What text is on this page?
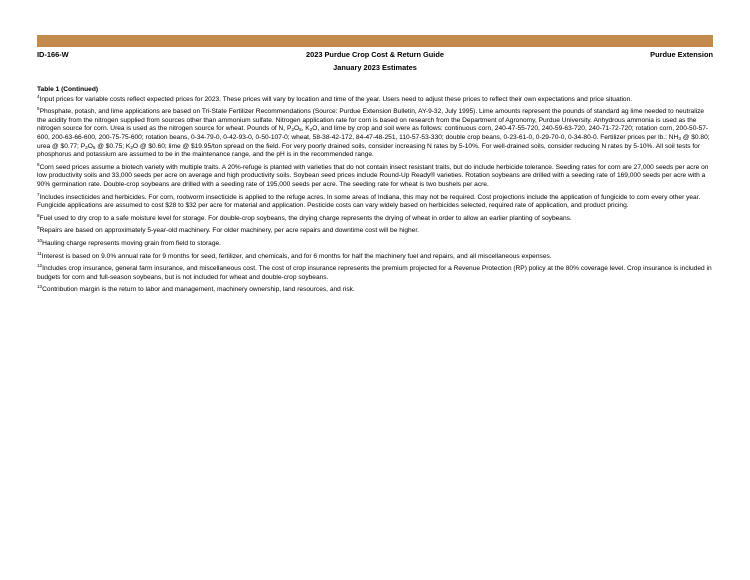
ID-166-W	2023 Purdue Crop Cost & Return Guide	Purdue Extension
January 2023 Estimates
Table 1 (Continued)
$^4$Input prices for variable costs reflect expected prices for 2023. These prices will vary by location and time of the year. Users need to adjust these prices to reflect their own expectations and price situation.
$^5$Phosphate, potash, and lime applications are based on Tri-State Fertilizer Recommendations (Source: Purdue Extension Bulletin, AY-9-32, July 1995). Lime amounts represent the pounds of standard ag lime needed to neutralize the acidity from the nitrogen supplied from sources other than ammonium sulfate. Nitrogen application rate for corn is based on research from the Department of Agronomy, Purdue University. Anhydrous ammonia is used as the nitrogen source for corn. Urea is used as the nitrogen source for wheat. Pounds of N, $P_2O_5$, $K_2O$, and lime by crop and soil were as follows: continuous corn, 240-47-55-720, 240-59-63-720, 240-71-72-720; rotation corn, 200-50-57-600, 200-63-66-600, 200-75-75-600; rotation beans, 0-34-79-0, 0-42-93-0, 0-50-107-0; wheat, 58-38-42-172, 84-47-48-251, 110-57-53-330; double crop beans, 0-23-61-0, 0-29-70-0, 0-34-80-0. Fertilizer prices per lb.: $NH_3$ @ $0.80; urea @ $0.77; $P_2O_5$ @ $0.75; $K_2O$ @ $0.60; lime @ $19.95/ton spread on the field. For very poorly drained soils, consider increasing N rates by 5-10%. For well-drained soils, consider reducing N rates by 5-10%. All soil tests for phosphorus and potassium are assumed to be in the maintenance range, and the pH is in the recommended range.
$^6$Corn seed prices assume a biotech variety with multiple traits. A 20%-refuge is planted with varieties that do not contain insect resistant traits, but do include herbicide tolerance. Seeding rates for corn are 27,000 seeds per acre on low productivity soils and 33,000 seeds per acre on average and high productivity soils. Soybean seed prices include Round-Up Ready® varieties. Rotation soybeans are drilled with a seeding rate of 169,000 seeds per acre with a 90% germination rate. Double-crop soybeans are drilled with a seeding rate of 195,000 seeds per acre. The seeding rate for wheat is two bushels per acre.
$^7$Includes insecticides and herbicides. For corn, rootworm insecticide is applied to the refuge acres. In some areas of Indiana, this may not be required. Cost projections include the application of fungicide to corn every other year. Fungicide applications are assumed to cost $28 to $32 per acre for material and application. Pesticide costs can vary widely based on herbicides selected, required rate of application, and product pricing.
$^8$Fuel used to dry crop to a safe moisture level for storage. For double-crop soybeans, the drying charge represents the drying of wheat in order to allow an earlier planting of soybeans.
$^9$Repairs are based on approximately 5-year-old machinery. For older machinery, per acre repairs and downtime cost will be higher.
$^{10}$Hauling charge represents moving grain from field to storage.
$^{11}$Interest is based on 9.0% annual rate for 9 months for seed, fertilizer, and chemicals, and for 6 months for half the machinery fuel and repairs, and all miscellaneous expenses.
$^{12}$Includes crop insurance, general farm insurance, and miscellaneous cost. The cost of crop insurance represents the premium projected for a Revenue Protection (RP) policy at the 80% coverage level. Crop insurance is included in budgets for corn and full-season soybeans, but is not included for wheat and double-crop soybeans.
$^{13}$Contribution margin is the return to labor and management, machinery ownership, land resources, and risk.
